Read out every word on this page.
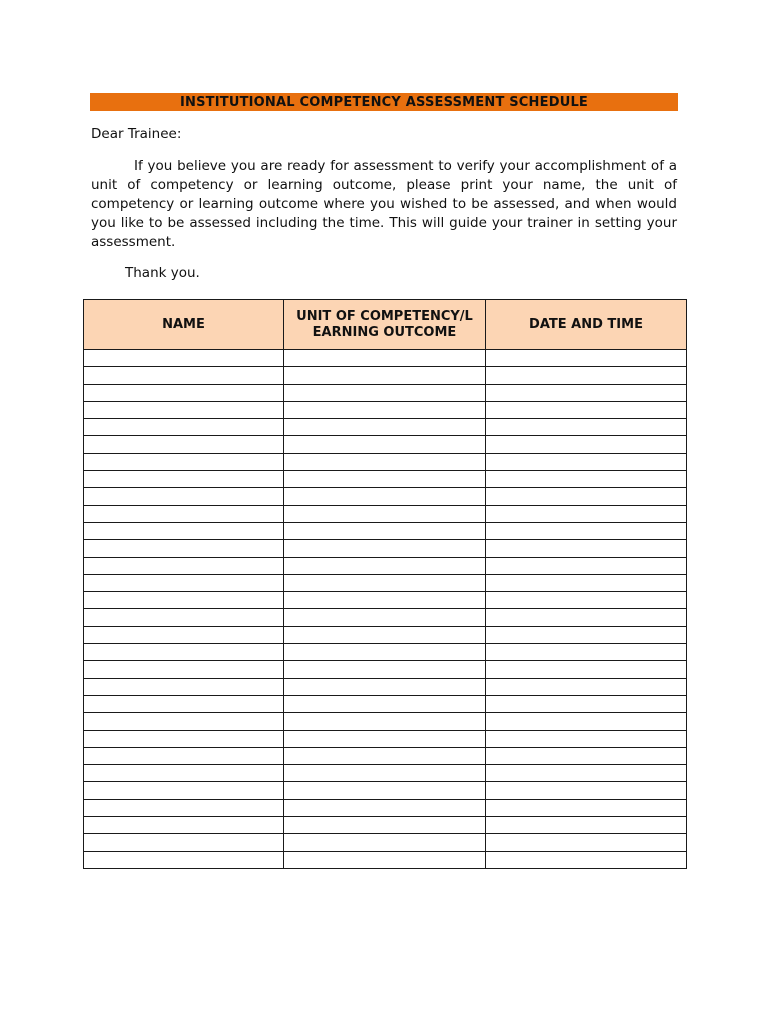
INSTITUTIONAL COMPETENCY ASSESSMENT SCHEDULE
Dear Trainee:
If you believe you are ready for assessment to verify your accomplishment of a unit of competency or learning outcome, please print your name, the unit of competency or learning outcome where you wished to be assessed, and when would you like to be assessed including the time. This will guide your trainer in setting your assessment.
Thank you.
NAME	UNIT OF COMPETENCY/LEARNING OUTCOME	DATE AND TIME
